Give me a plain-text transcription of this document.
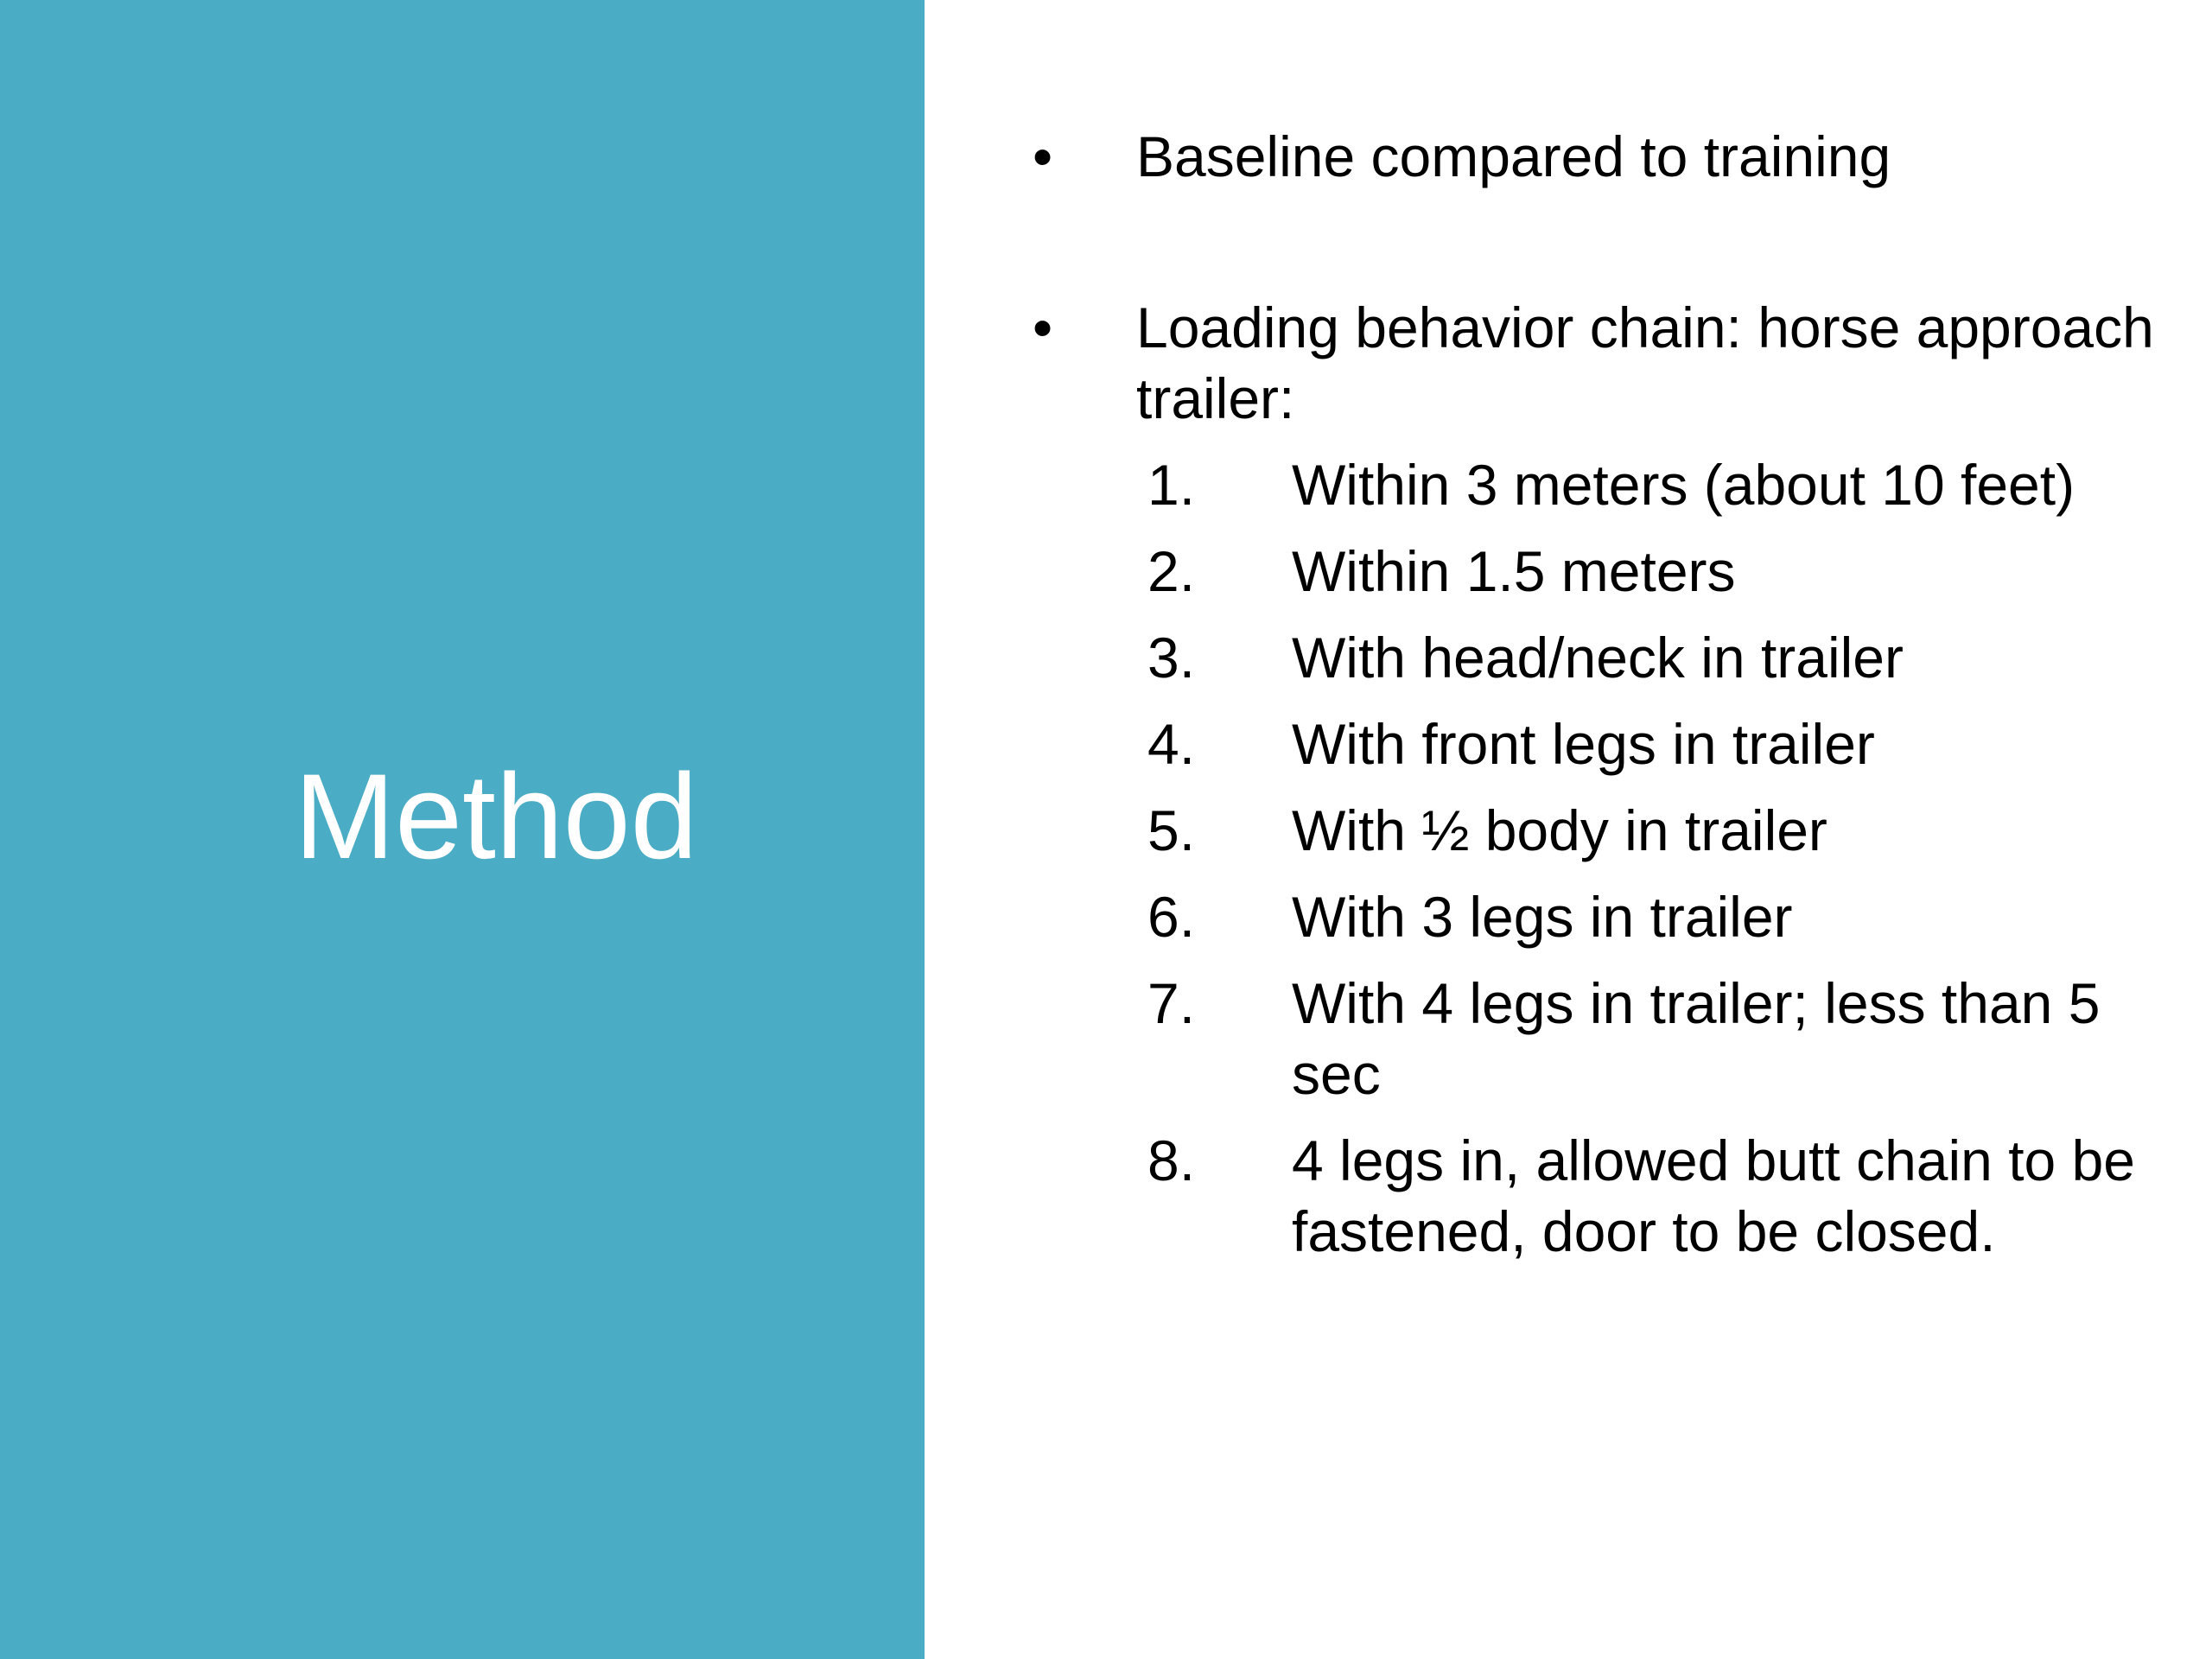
Method
• Baseline compared to training
• Loading behavior chain: horse approach trailer:
1. Within 3 meters (about 10 feet)
2. Within 1.5 meters
3. With head/neck in trailer
4. With front legs in trailer
5. With ½ body in trailer
6. With 3 legs in trailer
7. With 4 legs in trailer; less than 5 sec
8. 4 legs in, allowed butt chain to be fastened, door to be closed.
